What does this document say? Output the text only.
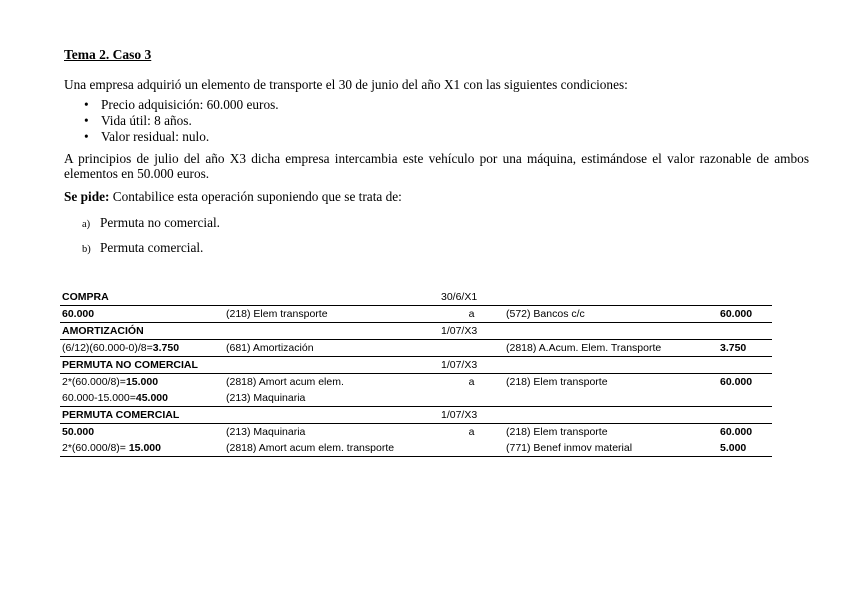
Tema 2. Caso 3
Una empresa adquirió un elemento de transporte el 30 de junio del año X1 con las siguientes condiciones:
• Precio adquisición: 60.000 euros.
• Vida útil: 8 años.
• Valor residual: nulo.
A principios de julio del año X3 dicha empresa intercambia este vehículo por una máquina, estimándose el valor razonable de ambos elementos en 50.000 euros.
Se pide: Contabilice esta operación suponiendo que se trata de:
a) Permuta no comercial.
b) Permuta comercial.
COMPRA		30/6/X1		
60.000	(218) Elem transporte	a	(572) Bancos c/c	60.000
AMORTIZACIÓN		1/07/X3		
(6/12)(60.000-0)/8=3.750	(681) Amortización		(2818) A.Acum. Elem. Transporte	3.750
PERMUTA NO COMERCIAL		1/07/X3		
2*(60.000/8)=15.000	(2818) Amort acum elem.	a	(218) Elem transporte	60.000
60.000-15.000=45.000	(213) Maquinaria			
PERMUTA COMERCIAL		1/07/X3		
50.000	(213) Maquinaria	a	(218) Elem transporte	60.000
2*(60.000/8)= 15.000	(2818) Amort acum elem. transporte		(771) Benef inmov material	5.000
